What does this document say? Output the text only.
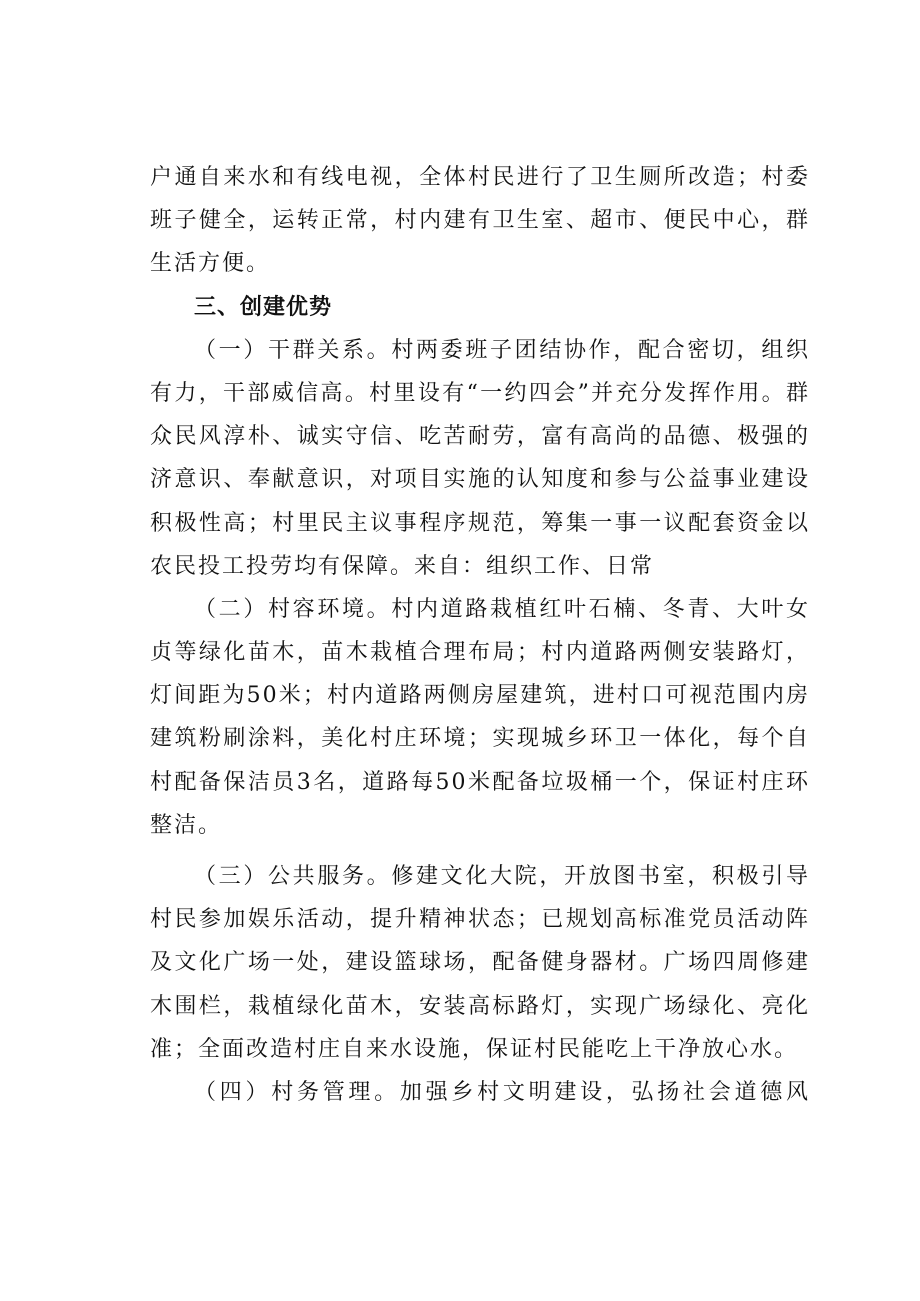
户通自来水和有线电视，全体村民进行了卫生厕所改造；村委
班子健全，运转正常，村内建有卫生室、超市、便民中心，群
生活方便。
三、创建优势
（一）干群关系。村两委班子团结协作，配合密切，组织
有力，干部威信高。村里设有“一约四会”并充分发挥作用。群
众民风淳朴、诚实守信、吃苦耐劳，富有高尚的品德、极强的
济意识、奉献意识，对项目实施的认知度和参与公益事业建设
积极性高；村里民主议事程序规范，筹集一事一议配套资金以
农民投工投劳均有保障。来自：组织工作、日常
（二）村容环境。村内道路栽植红叶石楠、冬青、大叶女
贞等绿化苗木，苗木栽植合理布局；村内道路两侧安装路灯，
灯间距为50米；村内道路两侧房屋建筑，进村口可视范围内房
建筑粉刷涂料，美化村庄环境；实现城乡环卫一体化，每个自
村配备保洁员3名，道路每50米配备垃圾桶一个，保证村庄环
整洁。
（三）公共服务。修建文化大院，开放图书室，积极引导
村民参加娱乐活动，提升精神状态；已规划高标准党员活动阵
及文化广场一处，建设篮球场，配备健身器材。广场四周修建
木围栏，栽植绿化苗木，安装高标路灯，实现广场绿化、亮化
准；全面改造村庄自来水设施，保证村民能吃上干净放心水。
（四）村务管理。加强乡村文明建设，弘扬社会道德风
